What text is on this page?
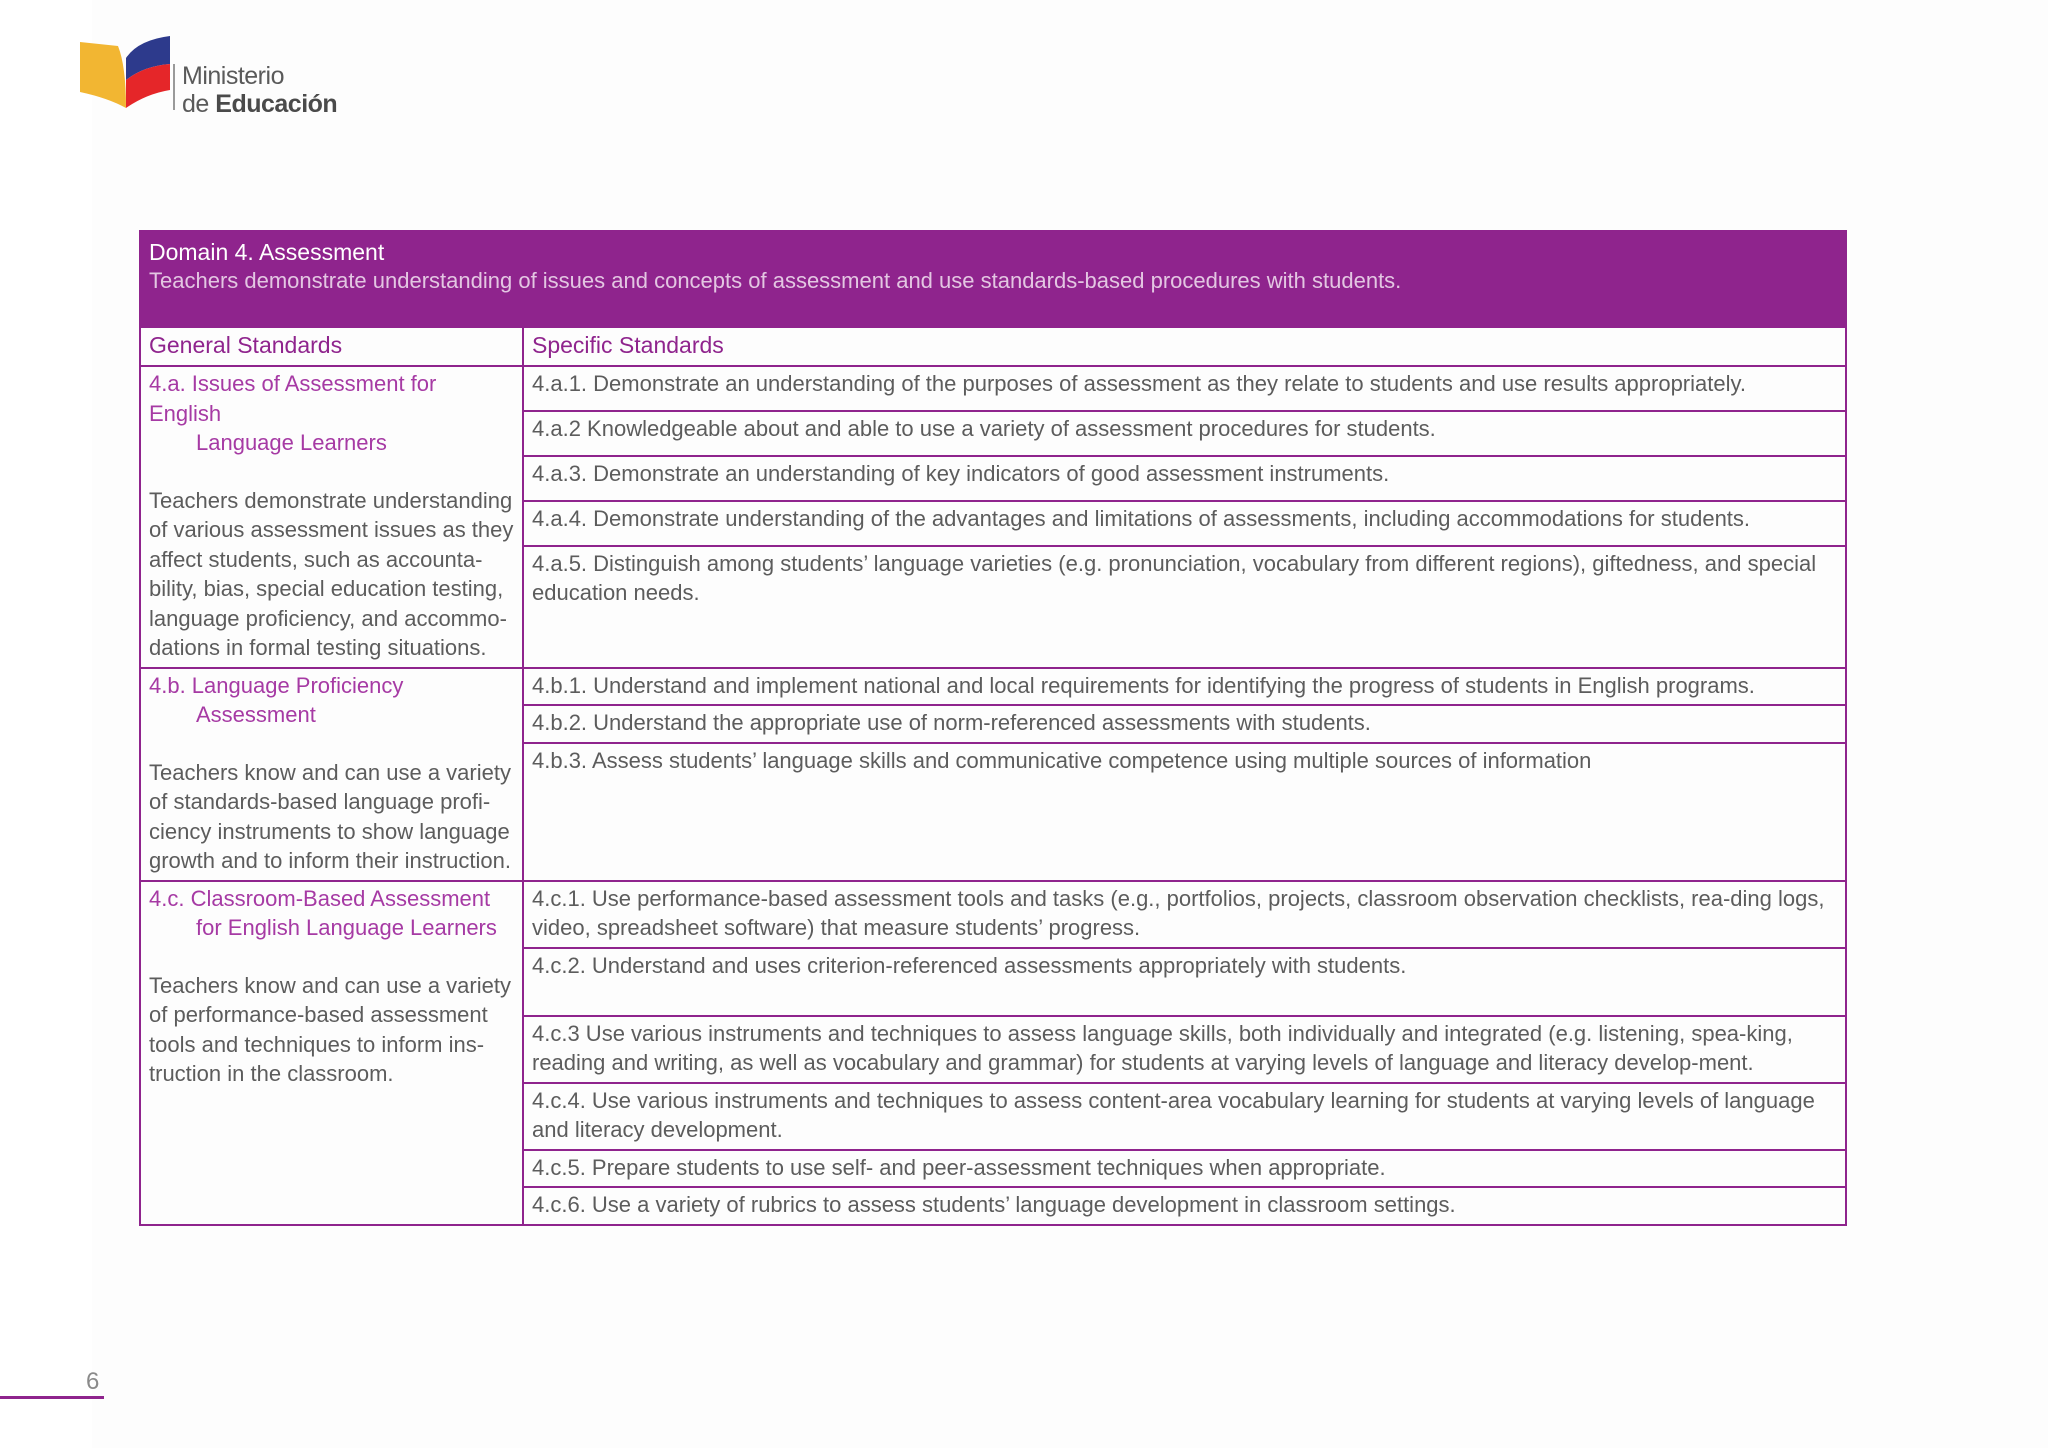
Ministerio
de Educación
Domain 4. Assessment
Teachers demonstrate understanding of issues and concepts of assessment and use standards-based procedures with students.
General Standards	Specific Standards
4.a. Issues of Assessment for English
Language Learners
Teachers demonstrate understanding of various assessment issues as they affect students, such as accounta-bility, bias, special education testing, language proficiency, and accommo-dations in formal testing situations.	4.a.1. Demonstrate an understanding of the purposes of assessment as they relate to students and use results appropriately.
	4.a.2 Knowledgeable about and able to use a variety of assessment procedures for students.
	4.a.3. Demonstrate an understanding of key indicators of good assessment instruments.
	4.a.4. Demonstrate understanding of the advantages and limitations of assessments, including accommodations for students.
	4.a.5. Distinguish among students’ language varieties (e.g. pronunciation, vocabulary from different regions), giftedness, and special education needs.
4.b. Language Proficiency
Assessment
Teachers know and can use a variety of standards-based language profi-ciency instruments to show language growth and to inform their instruction.	4.b.1. Understand and implement national and local requirements for identifying the progress of students in English programs.
	4.b.2. Understand the appropriate use of norm-referenced assessments with students.
	4.b.3. Assess students’ language skills and communicative competence using multiple sources of information
4.c. Classroom-Based Assessment
for English Language Learners
Teachers know and can use a variety of performance-based assessment tools and techniques to inform ins-truction in the classroom.	4.c.1. Use performance-based assessment tools and tasks (e.g., portfolios, projects, classroom observation checklists, rea-ding logs, video, spreadsheet software) that measure students’ progress.
	4.c.2. Understand and uses criterion-referenced assessments appropriately with students.
	4.c.3 Use various instruments and techniques to assess language skills, both individually and integrated (e.g. listening, spea-king, reading and writing, as well as vocabulary and grammar) for students at varying levels of language and literacy develop-ment.
	4.c.4. Use various instruments and techniques to assess content-area vocabulary learning for students at varying levels of language and literacy development.
	4.c.5. Prepare students to use self- and peer-assessment techniques when appropriate.
	4.c.6. Use a variety of rubrics to assess students’ language development in classroom settings.
6
